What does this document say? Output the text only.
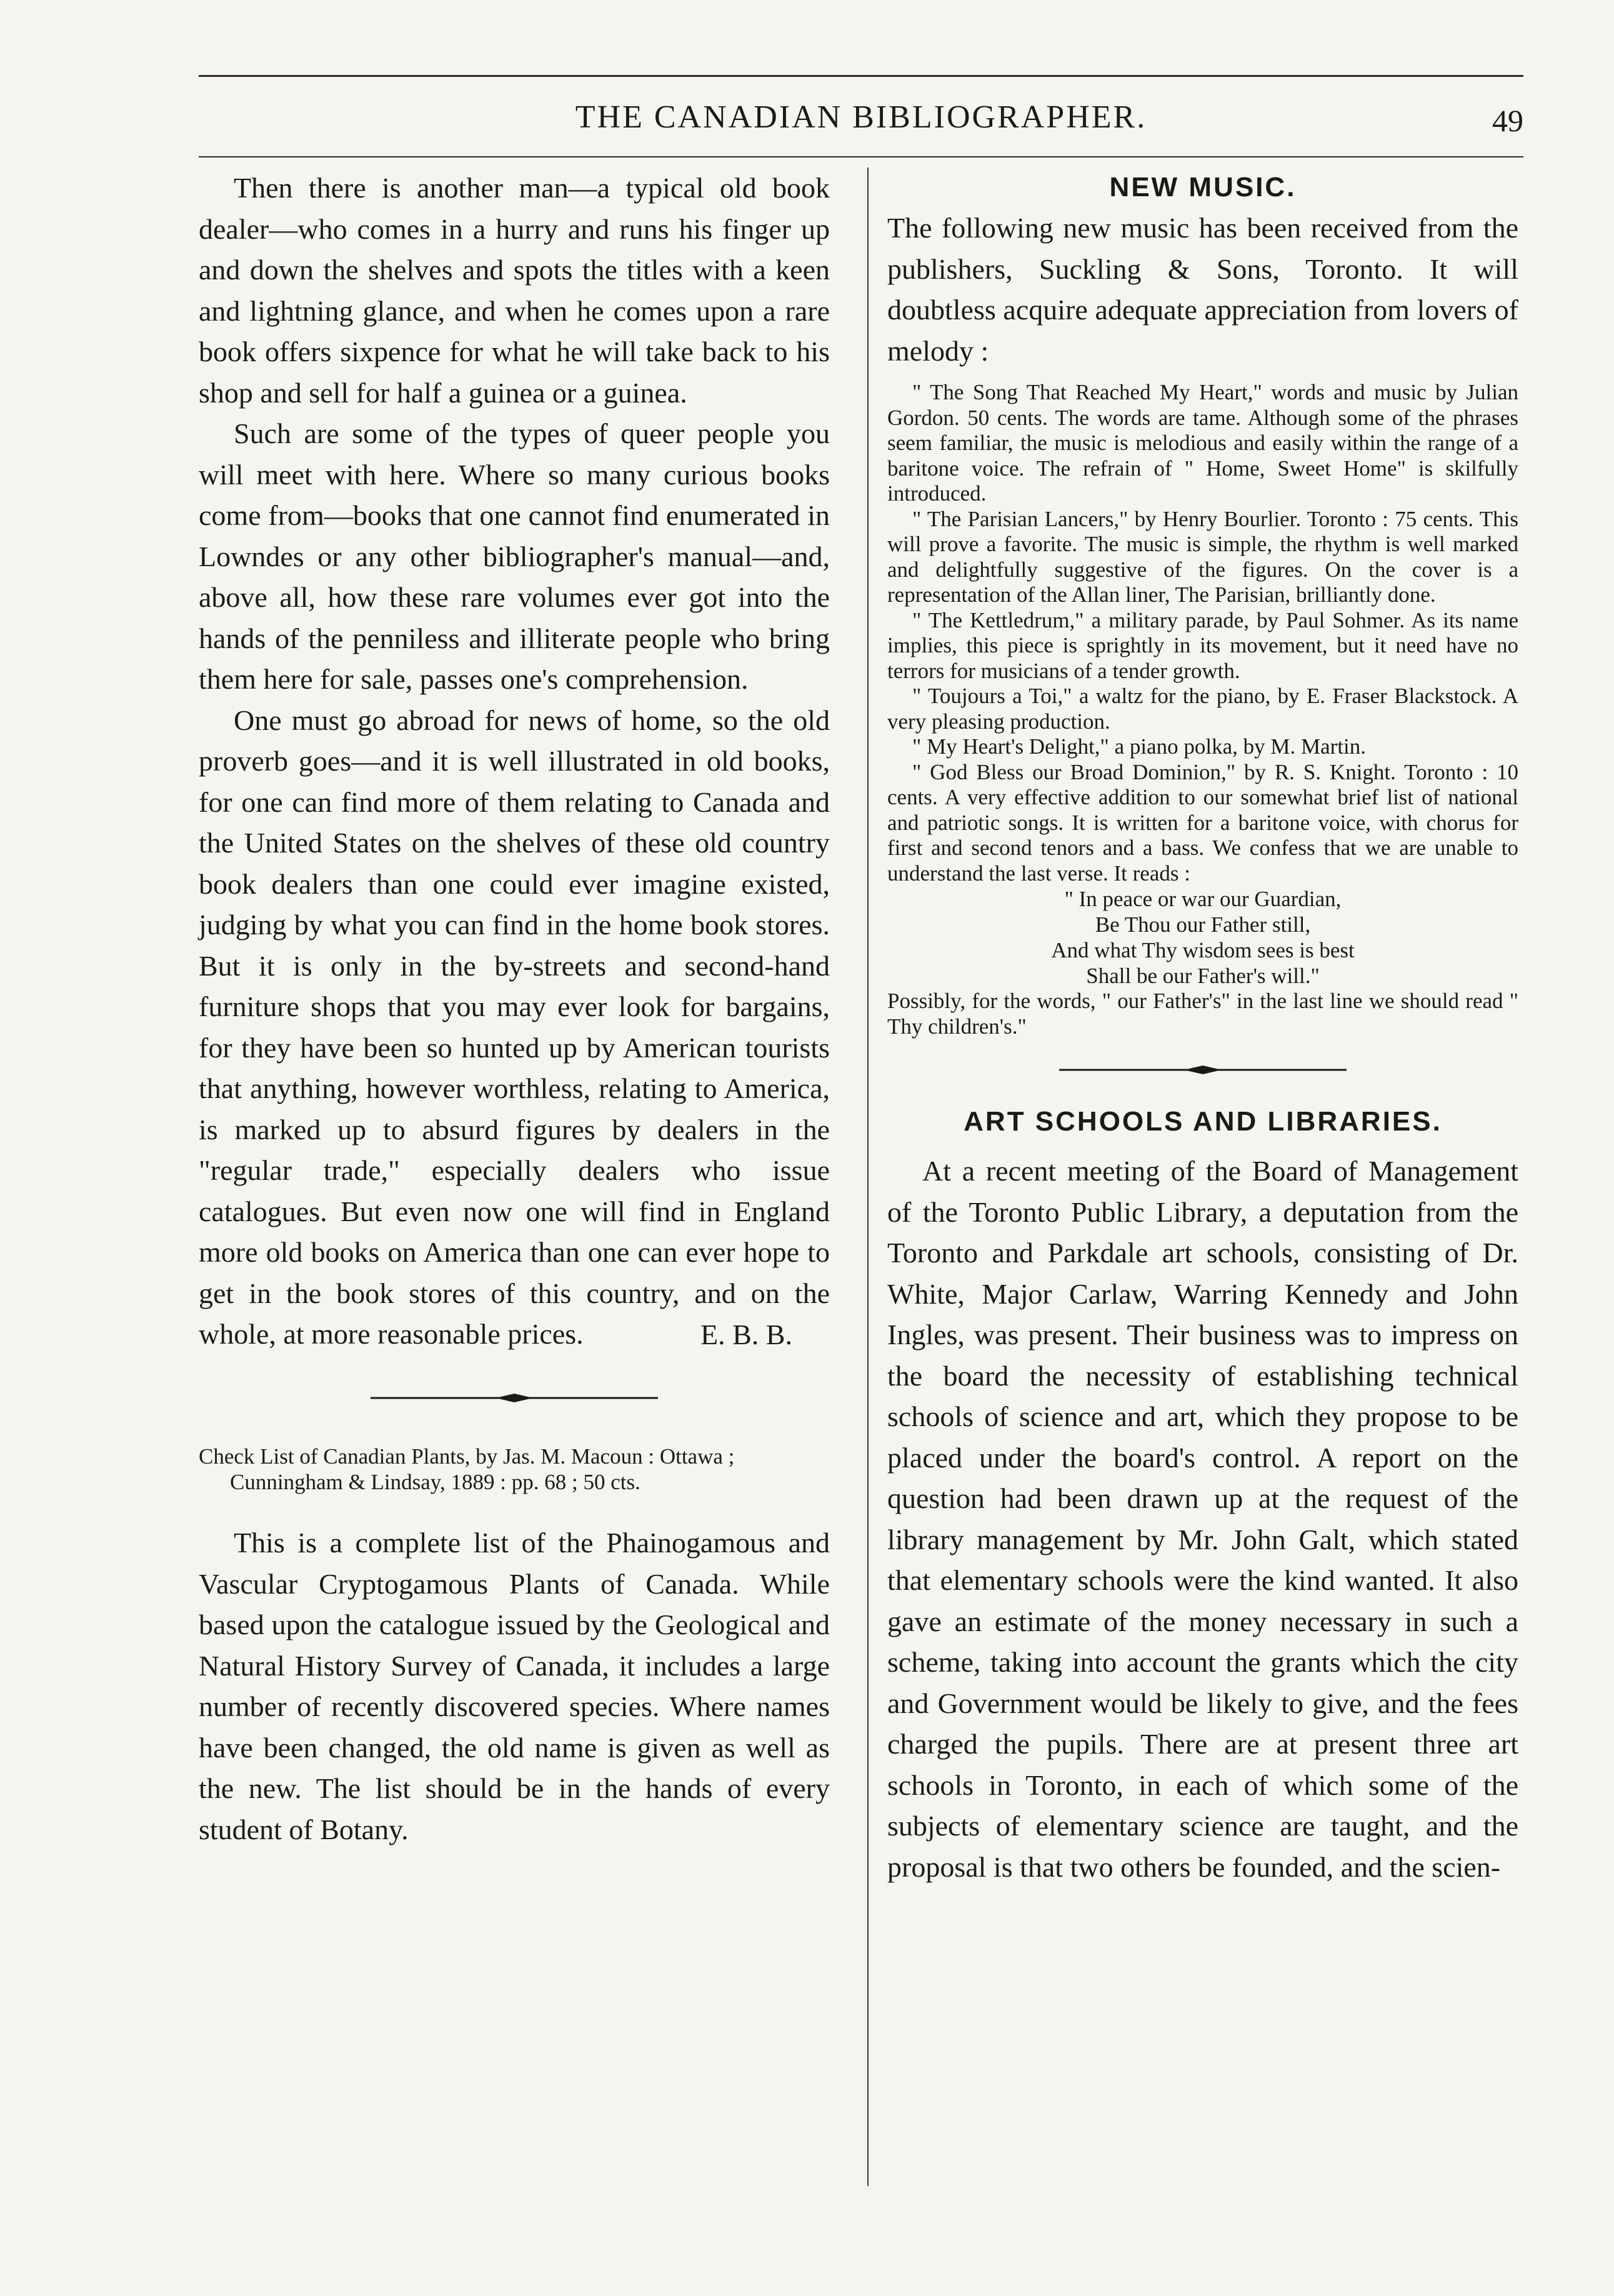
THE CANADIAN BIBLIOGRAPHER.	49

Then there is another man—a typical old book dealer—who comes in a hurry and runs his finger up and down the shelves and spots the titles with a keen and lightning glance, and when he comes upon a rare book offers sixpence for what he will take back to his shop and sell for half a guinea or a guinea.

Such are some of the types of queer people you will meet with here. Where so many curious books come from—books that one cannot find enumerated in Lowndes or any other bibliographer's manual—and, above all, how these rare volumes ever got into the hands of the penniless and illiterate people who bring them here for sale, passes one's comprehension.

One must go abroad for news of home, so the old proverb goes—and it is well illustrated in old books, for one can find more of them relating to Canada and the United States on the shelves of these old country book dealers than one could ever imagine existed, judging by what you can find in the home book stores. But it is only in the by-streets and second-hand furniture shops that you may ever look for bargains, for they have been so hunted up by American tourists that anything, however worthless, relating to America, is marked up to absurd figures by dealers in the "regular trade," especially dealers who issue catalogues. But even now one will find in England more old books on America than one can ever hope to get in the book stores of this country, and on the whole, at more reasonable prices.	E. B. B.
Check List of Canadian Plants, by Jas. M. Macoun : Ottawa ; Cunningham & Lindsay, 1889 : pp. 68 ; 50 cts.

This is a complete list of the Phainogamous and Vascular Cryptogamous Plants of Canada. While based upon the catalogue issued by the Geological and Natural History Survey of Canada, it includes a large number of recently discovered species. Where names have been changed, the old name is given as well as the new. The list should be in the hands of every student of Botany.

NEW MUSIC.

The following new music has been received from the publishers, Suckling & Sons, Toronto. It will doubtless acquire adequate appreciation from lovers of melody :

" The Song That Reached My Heart," words and music by Julian Gordon. 50 cents. The words are tame. Although some of the phrases seem familiar, the music is melodious and easily within the range of a baritone voice. The refrain of " Home, Sweet Home" is skilfully introduced.

" The Parisian Lancers," by Henry Bourlier. Toronto : 75 cents. This will prove a favorite. The music is simple, the rhythm is well marked and delightfully suggestive of the figures. On the cover is a representation of the Allan liner, The Parisian, brilliantly done.

" The Kettledrum," a military parade, by Paul Sohmer. As its name implies, this piece is sprightly in its movement, but it need have no terrors for musicians of a tender growth.

" Toujours a Toi," a waltz for the piano, by E. Fraser Blackstock. A very pleasing production.

" My Heart's Delight," a piano polka, by M. Martin.

" God Bless our Broad Dominion," by R. S. Knight. Toronto : 10 cents. A very effective addition to our somewhat brief list of national and patriotic songs. It is written for a baritone voice, with chorus for first and second tenors and a bass. We confess that we are unable to understand the last verse. It reads :

" In peace or war our Guardian,
Be Thou our Father still,
And what Thy wisdom sees is best
Shall be our Father's will."

Possibly, for the words, " our Father's" in the last line we should read " Thy children's."

ART SCHOOLS AND LIBRARIES.

At a recent meeting of the Board of Management of the Toronto Public Library, a deputation from the Toronto and Parkdale art schools, consisting of Dr. White, Major Carlaw, Warring Kennedy and John Ingles, was present. Their business was to impress on the board the necessity of establishing technical schools of science and art, which they propose to be placed under the board's control. A report on the question had been drawn up at the request of the library management by Mr. John Galt, which stated that elementary schools were the kind wanted. It also gave an estimate of the money necessary in such a scheme, taking into account the grants which the city and Government would be likely to give, and the fees charged the pupils. There are at present three art schools in Toronto, in each of which some of the subjects of elementary science are taught, and the proposal is that two others be founded, and the scien-
